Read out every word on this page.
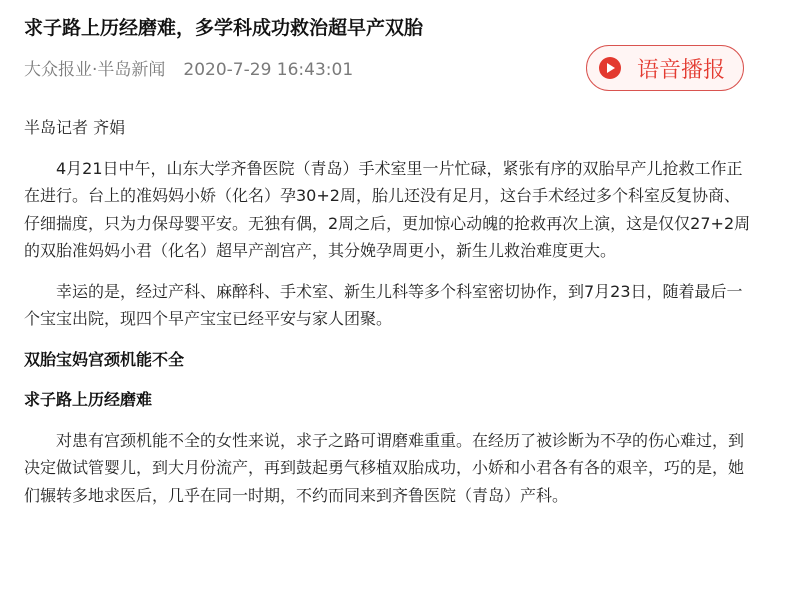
求子路上历经磨难，多学科成功救治超早产双胎
大众报业·半岛新闻 2020-7-29 16:43:01	语音播报

半岛记者 齐娟

4月21日中午，山东大学齐鲁医院（青岛）手术室里一片忙碌，紧张有序的双胎早产儿抢救工作正在进行。台上的准妈妈小娇（化名）孕30+2周，胎儿还没有足月，这台手术经过多个科室反复协商、仔细揣度，只为力保母婴平安。无独有偶，2周之后，更加惊心动魄的抢救再次上演，这是仅仅27+2周的双胎准妈妈小君（化名）超早产剖宫产，其分娩孕周更小，新生儿救治难度更大。

幸运的是，经过产科、麻醉科、手术室、新生儿科等多个科室密切协作，到7月23日，随着最后一个宝宝出院，现四个早产宝宝已经平安与家人团聚。

双胎宝妈宫颈机能不全
求子路上历经磨难

对患有宫颈机能不全的女性来说，求子之路可谓磨难重重。在经历了被诊断为不孕的伤心难过，到决定做试管婴儿，到大月份流产，再到鼓起勇气移植双胎成功，小娇和小君各有各的艰辛，巧的是，她们辗转多地求医后，几乎在同一时期，不约而同来到齐鲁医院（青岛）产科。
